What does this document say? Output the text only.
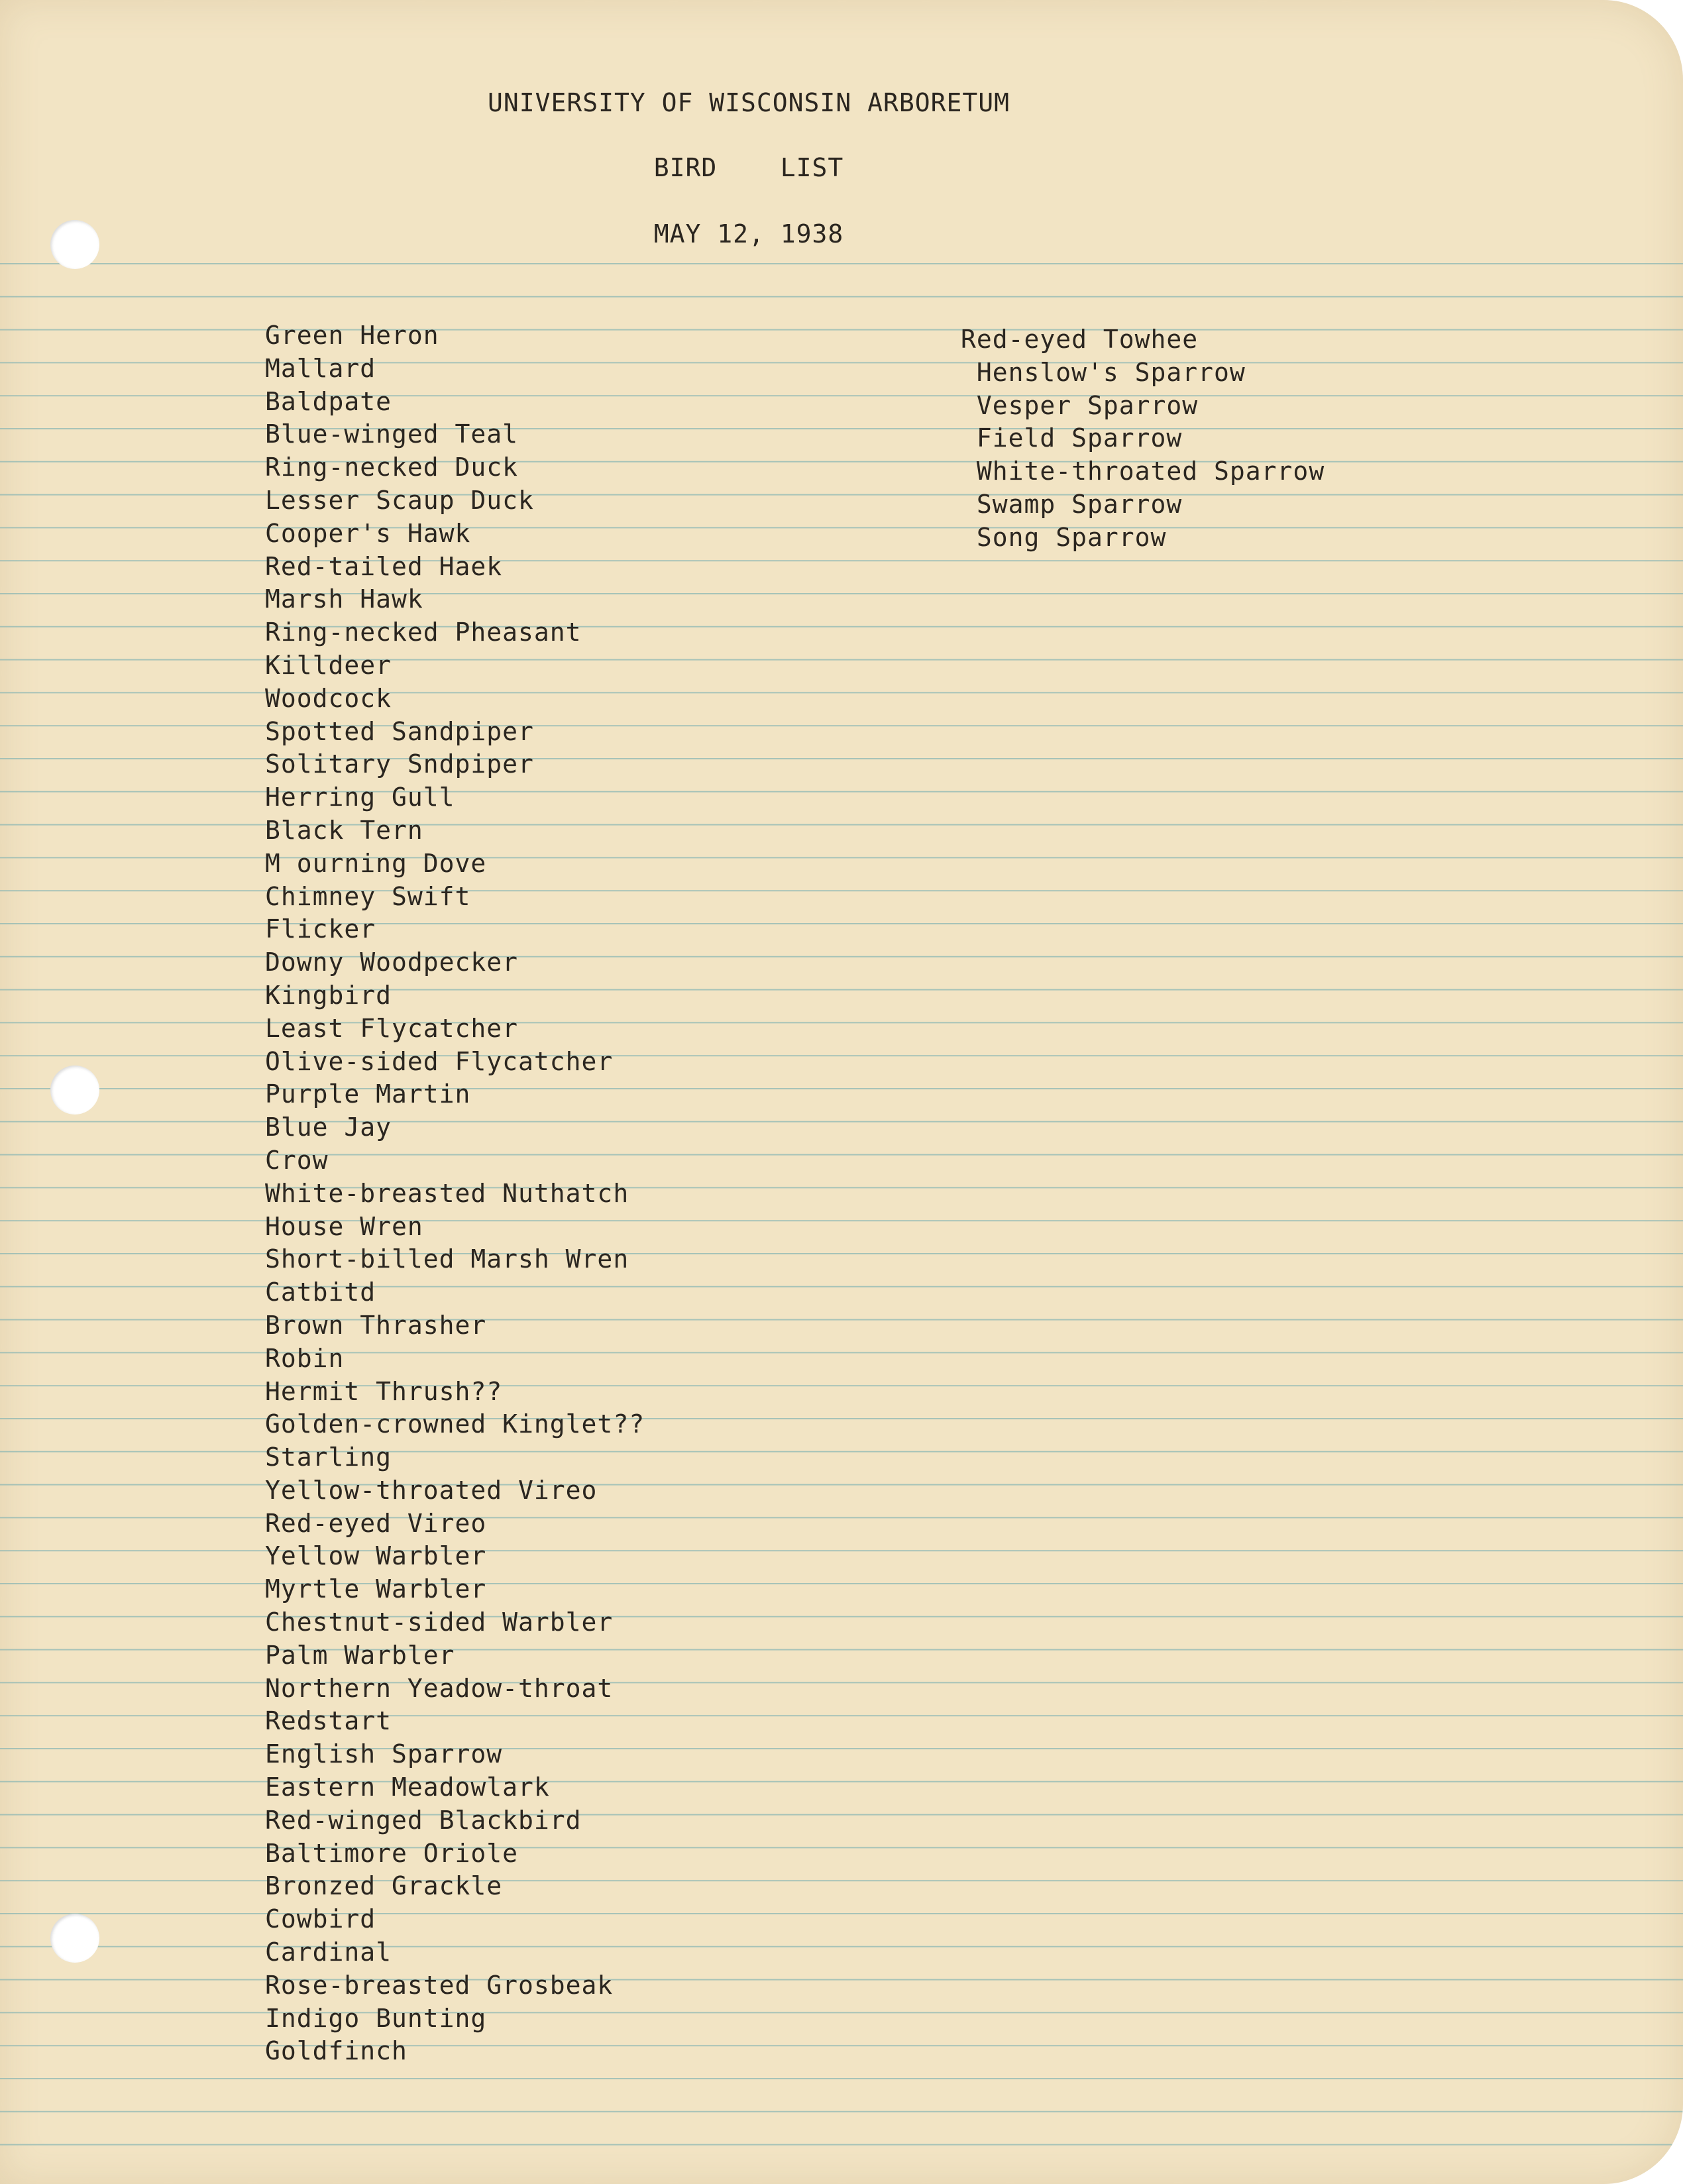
UNIVERSITY OF WISCONSIN ARBORETUM

BIRD    LIST

MAY 12, 1938

Green Heron
Mallard
Baldpate
Blue-winged Teal
Ring-necked Duck
Lesser Scaup Duck
Cooper's Hawk
Red-tailed Haek
Marsh Hawk
Ring-necked Pheasant
Killdeer
Woodcock
Spotted Sandpiper
Solitary Sndpiper
Herring Gull
Black Tern
M ourning Dove
Chimney Swift
Flicker
Downy Woodpecker
Kingbird
Least Flycatcher
Olive-sided Flycatcher
Purple Martin
Blue Jay
Crow
White-breasted Nuthatch
House Wren
Short-billed Marsh Wren
Catbitd
Brown Thrasher
Robin
Hermit Thrush??
Golden-crowned Kinglet??
Starling
Yellow-throated Vireo
Red-eyed Vireo
Yellow Warbler
Myrtle Warbler
Chestnut-sided Warbler
Palm Warbler
Northern Yeadow-throat
Redstart
English Sparrow
Eastern Meadowlark
Red-winged Blackbird
Baltimore Oriole
Bronzed Grackle
Cowbird
Cardinal
Rose-breasted Grosbeak
Indigo Bunting
Goldfinch
Red-eyed Towhee
Henslow's Sparrow
Vesper Sparrow
Field Sparrow
White-throated Sparrow
Swamp Sparrow
Song Sparrow
